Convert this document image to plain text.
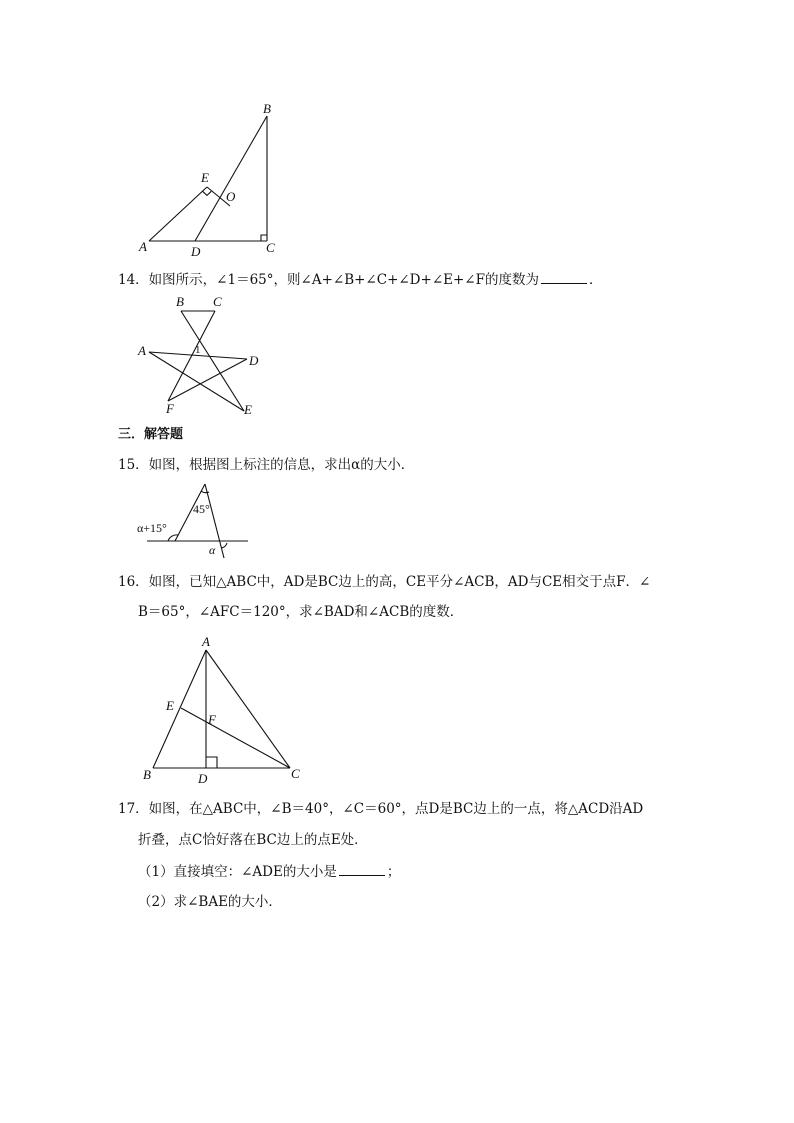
B
E
O
A	D	C
14．如图所示，∠1＝65°，则∠A+∠B+∠C+∠D+∠E+∠F的度数为	．
B C
A	1
D
F	E
三．解答题
15．如图，根据图上标注的信息，求出α的大小．
45°
α+15°
α
16．如图，已知△ABC中，AD是BC边上的高，CE平分∠ACB，AD与CE相交于点F．∠
B＝65°，∠AFC＝120°，求∠BAD和∠ACB的度数．
A
E
F
B	D	C
17．如图，在△ABC中，∠B＝40°，∠C＝60°，点D是BC边上的一点，将△ACD沿AD
折叠，点C恰好落在BC边上的点E处．
（1）直接填空：∠ADE的大小是	；
（2）求∠BAE的大小．
